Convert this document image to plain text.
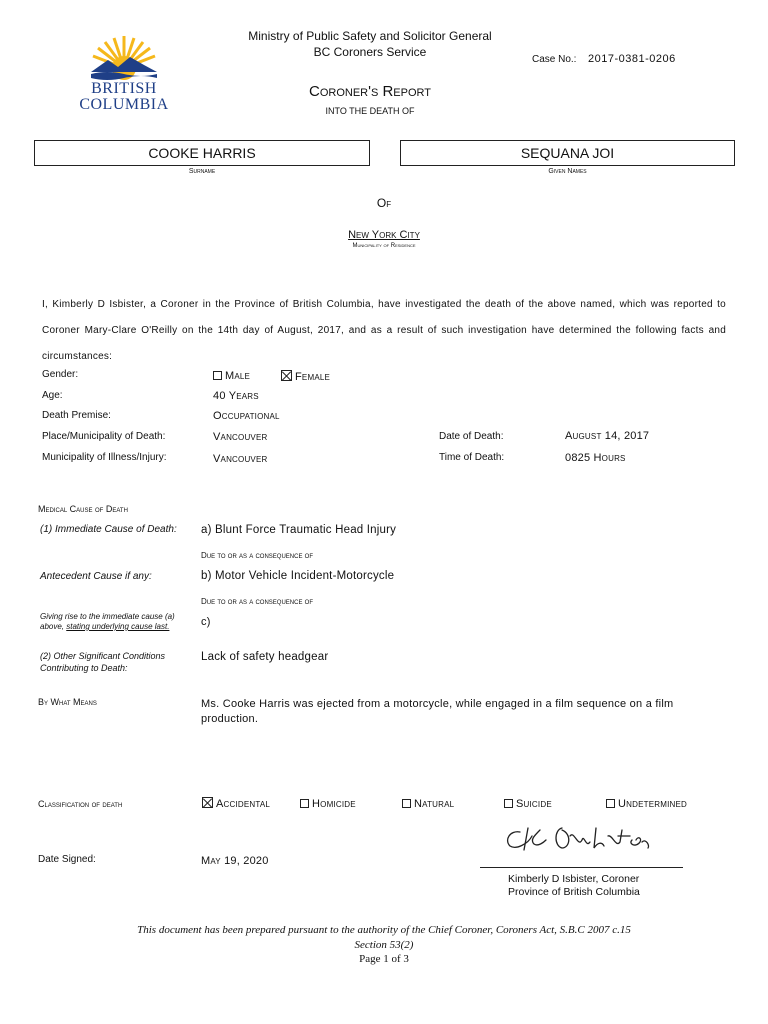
BRITISH
COLUMBIA
Ministry of Public Safety and Solicitor General
BC Coroners Service
Case No.: 2017-0381-0206
Coroner's Report
INTO THE DEATH OF
COOKE HARRIS
Surname
SEQUANA JOI
Given Names
Of
New York City
Municipality of Residence
I, Kimberly D Isbister, a Coroner in the Province of British Columbia, have investigated the death of the above named, which was reported to Coroner Mary-Clare O'Reilly on the 14th day of August, 2017, and as a result of such investigation have determined the following facts and circumstances:
Gender:	Male	Female
Age:	40 Years
Death Premise:	Occupational
Place/Municipality of Death:	Vancouver	Date of Death:	August 14, 2017
Municipality of Illness/Injury:	Vancouver	Time of Death:	0825 Hours
Medical Cause of Death
(1) Immediate Cause of Death: a) Blunt Force Traumatic Head Injury
Due to or as a consequence of
Antecedent Cause if any:	b) Motor Vehicle Incident-Motorcycle
Due to or as a consequence of
Giving rise to the immediate cause (a)
above, stating underlying cause last.	c)
(2) Other Significant Conditions
Contributing to Death:
Lack of safety headgear
By What Means	Ms. Cooke Harris was ejected from a motorcycle, while engaged in a film sequence on a film production.
Classification of death	Accidental	Homicide	Natural	Suicide	Undetermined
Date Signed:	May 19, 2020
Kimberly D Isbister, Coroner
Province of British Columbia
This document has been prepared pursuant to the authority of the Chief Coroner, Coroners Act, S.B.C 2007 c.15
Section 53(2)
Page 1 of 3
